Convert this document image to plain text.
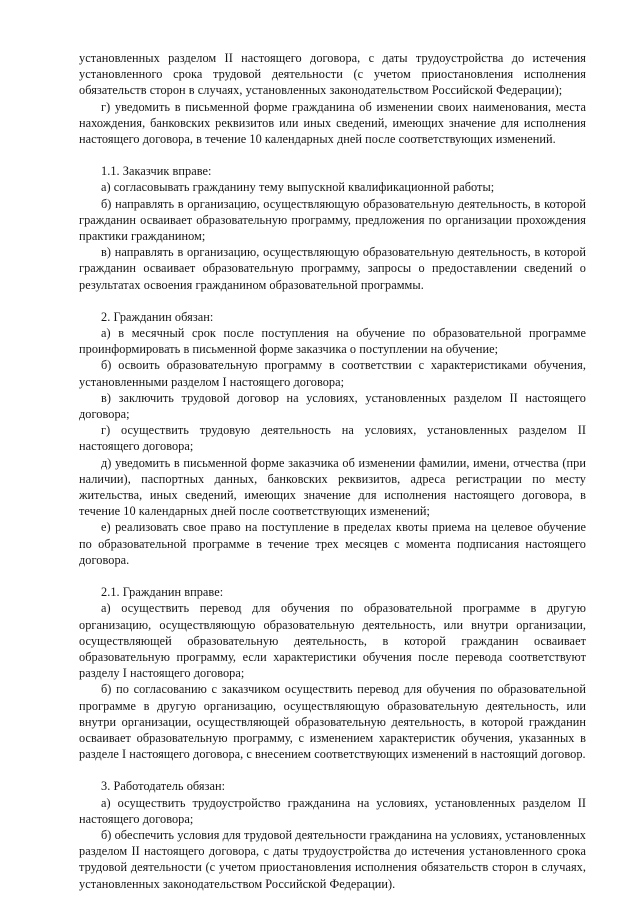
установленных разделом II настоящего договора, с даты трудоустройства до истечения установленного срока трудовой деятельности (с учетом приостановления исполнения обязательств сторон в случаях, установленных законодательством Российской Федерации);

г) уведомить в письменной форме гражданина об изменении своих наименования, места нахождения, банковских реквизитов или иных сведений, имеющих значение для исполнения настоящего договора, в течение 10 календарных дней после соответствующих изменений.

1.1. Заказчик вправе:

а) согласовывать гражданину тему выпускной квалификационной работы;

б) направлять в организацию, осуществляющую образовательную деятельность, в которой гражданин осваивает образовательную программу, предложения по организации прохождения практики гражданином;

в) направлять в организацию, осуществляющую образовательную деятельность, в которой гражданин осваивает образовательную программу, запросы о предоставлении сведений о результатах освоения гражданином образовательной программы.

2. Гражданин обязан:

а) в месячный срок после поступления на обучение по образовательной программе проинформировать в письменной форме заказчика о поступлении на обучение;

б) освоить образовательную программу в соответствии с характеристиками обучения, установленными разделом I настоящего договора;

в) заключить трудовой договор на условиях, установленных разделом II настоящего договора;

г) осуществить трудовую деятельность на условиях, установленных разделом II настоящего договора;

д) уведомить в письменной форме заказчика об изменении фамилии, имени, отчества (при наличии), паспортных данных, банковских реквизитов, адреса регистрации по месту жительства, иных сведений, имеющих значение для исполнения настоящего договора, в течение 10 календарных дней после соответствующих изменений;

е) реализовать свое право на поступление в пределах квоты приема на целевое обучение по образовательной программе в течение трех месяцев с момента подписания настоящего договора.

2.1. Гражданин вправе:

а) осуществить перевод для обучения по образовательной программе в другую организацию, осуществляющую образовательную деятельность, или внутри организации, осуществляющей образовательную деятельность, в которой гражданин осваивает образовательную программу, если характеристики обучения после перевода соответствуют разделу I настоящего договора;

б) по согласованию с заказчиком осуществить перевод для обучения по образовательной программе в другую организацию, осуществляющую образовательную деятельность, или внутри организации, осуществляющей образовательную деятельность, в которой гражданин осваивает образовательную программу, с изменением характеристик обучения, указанных в разделе I настоящего договора, с внесением соответствующих изменений в настоящий договор.

3. Работодатель обязан:

а) осуществить трудоустройство гражданина на условиях, установленных разделом II настоящего договора;

б) обеспечить условия для трудовой деятельности гражданина на условиях, установленных разделом II настоящего договора, с даты трудоустройства до истечения установленного срока трудовой деятельности (с учетом приостановления исполнения обязательств сторон в случаях, установленных законодательством Российской Федерации).
